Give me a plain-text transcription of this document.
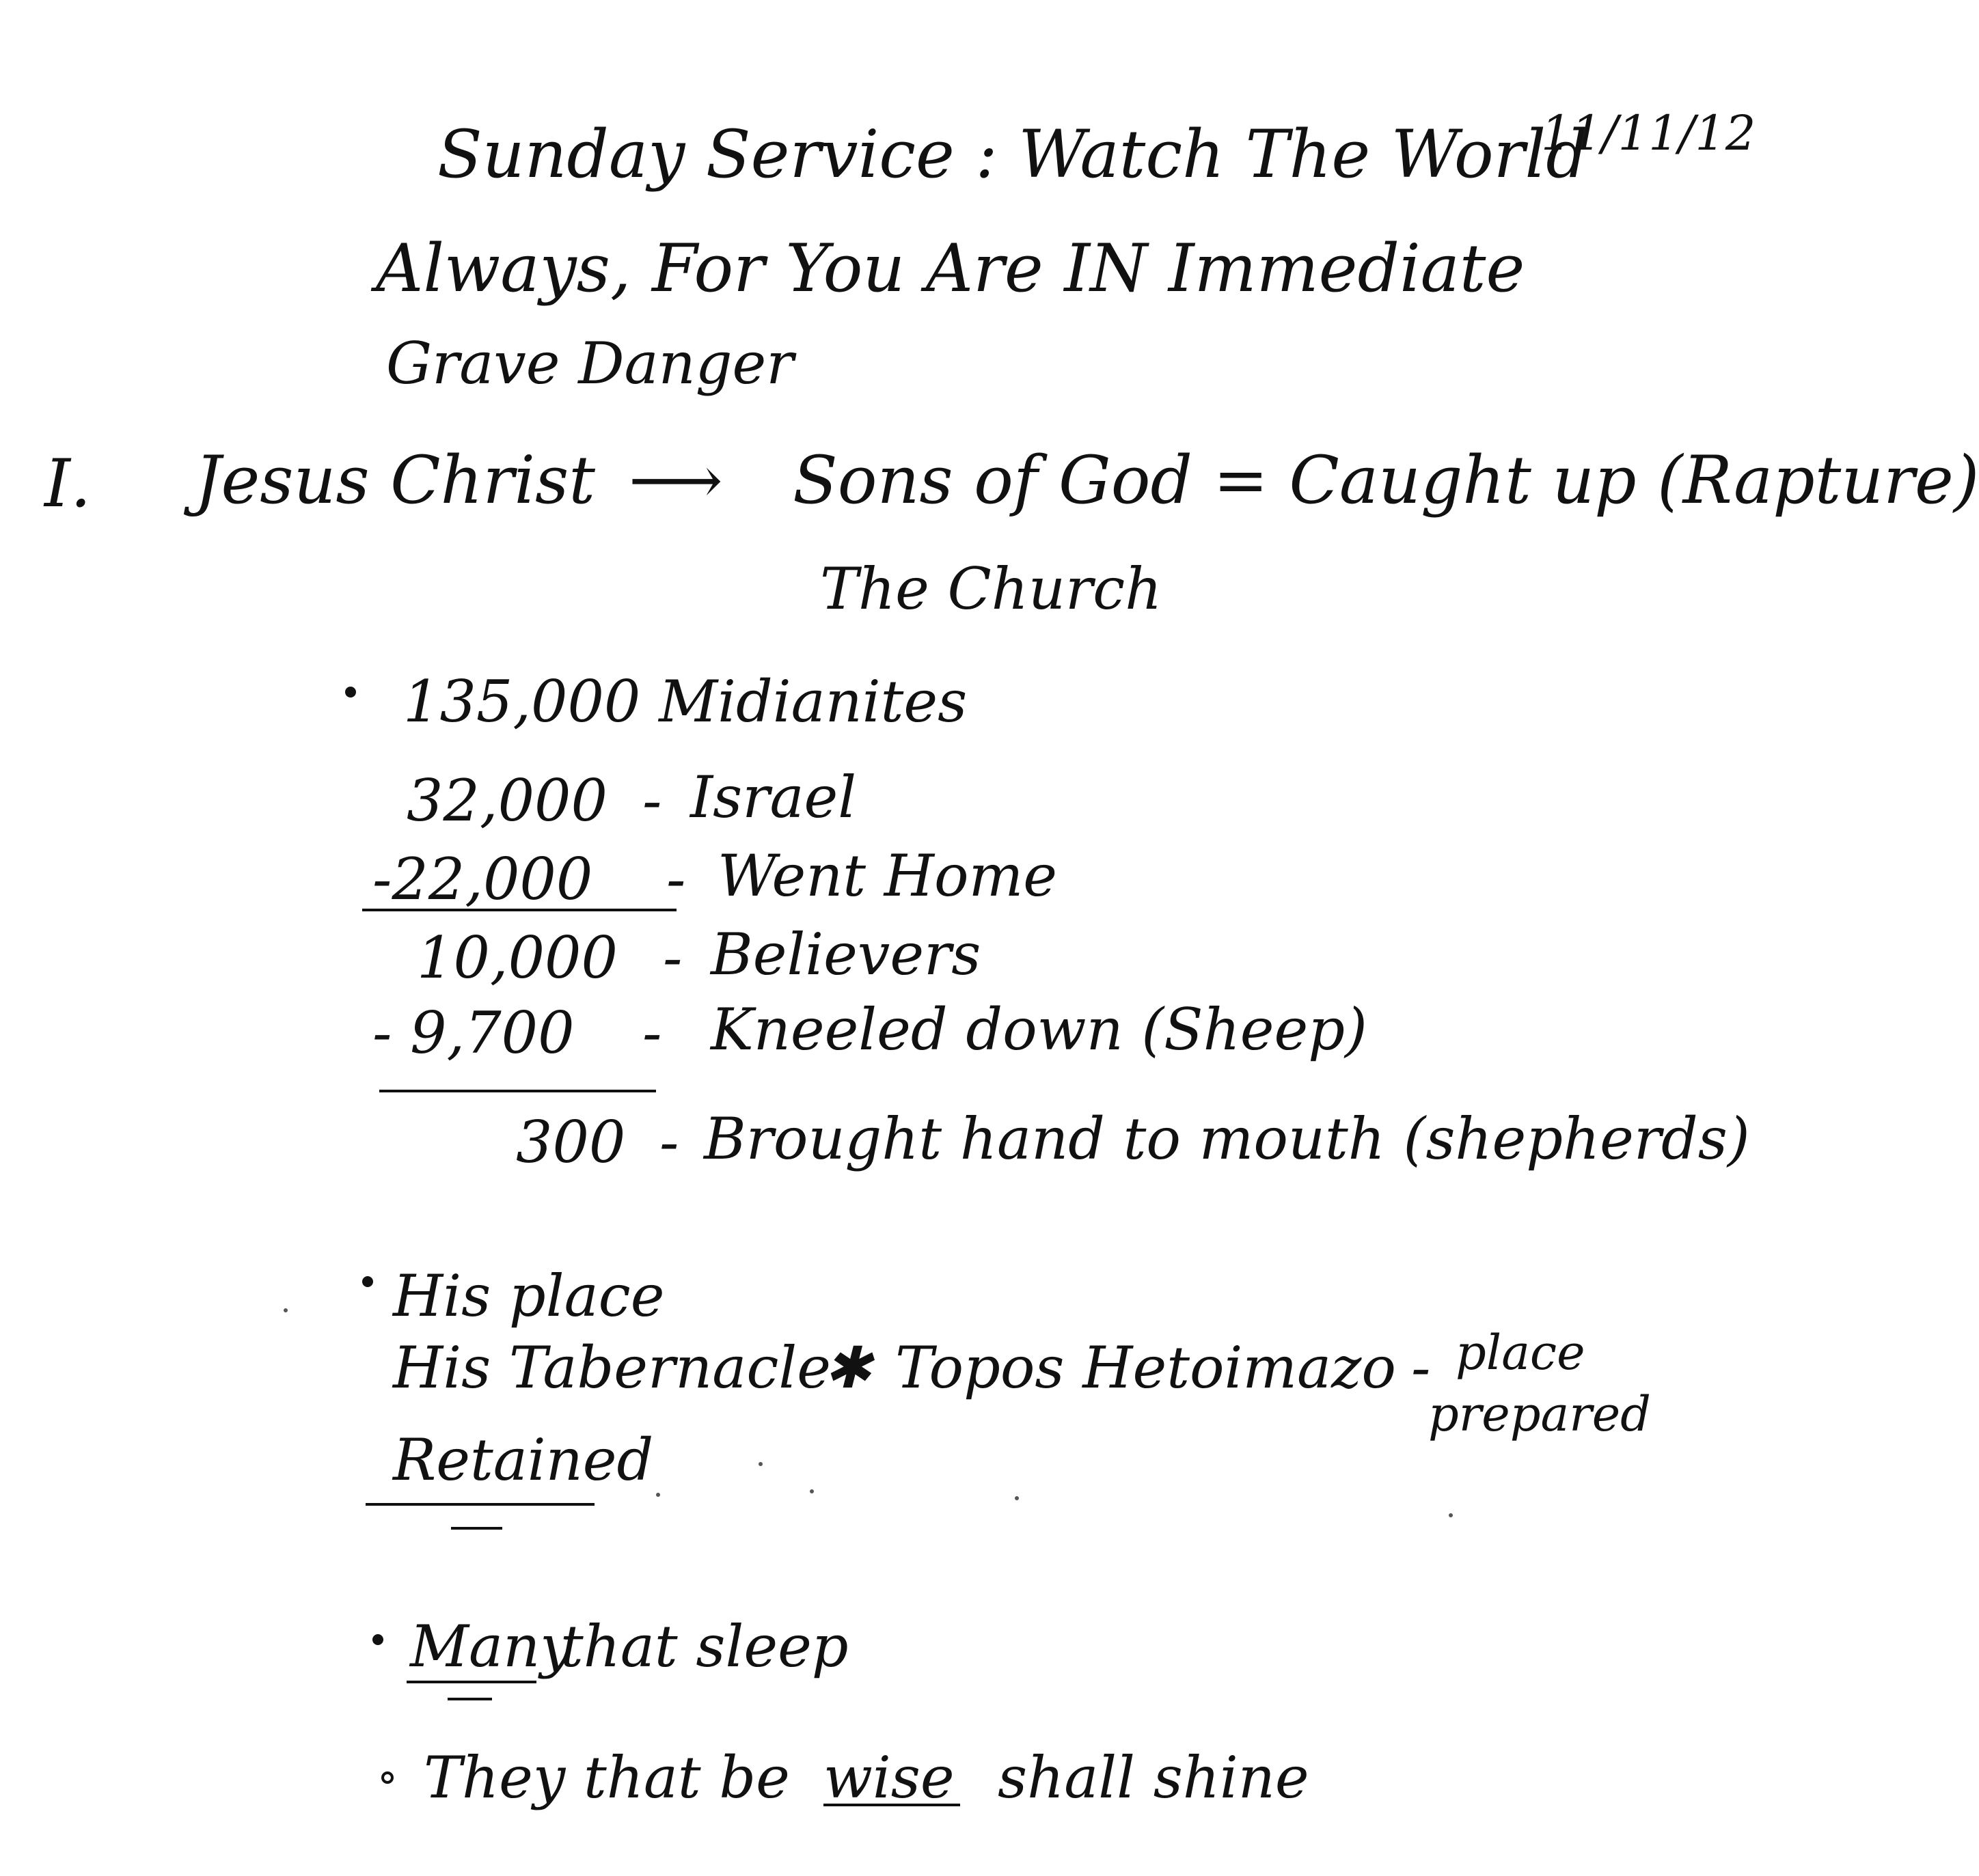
Sunday Service : Watch The World
11/11/12
Always, For You Are IN Immediate
Grave Danger
I. Jesus Christ ⟶ Sons of God = Caught up (Rapture)
The Church
135,000 Midianites
32,000 - Israel
-22,000 - Went Home
10,000 - Believers
- 9,700 - Kneeled down (Sheep)
300 - Brought hand to mouth (shepherds)
His place
His Tabernacle
✱ Topos Hetoimazo - place
prepared
Retained
Many
that sleep
They that be wise shall shine
